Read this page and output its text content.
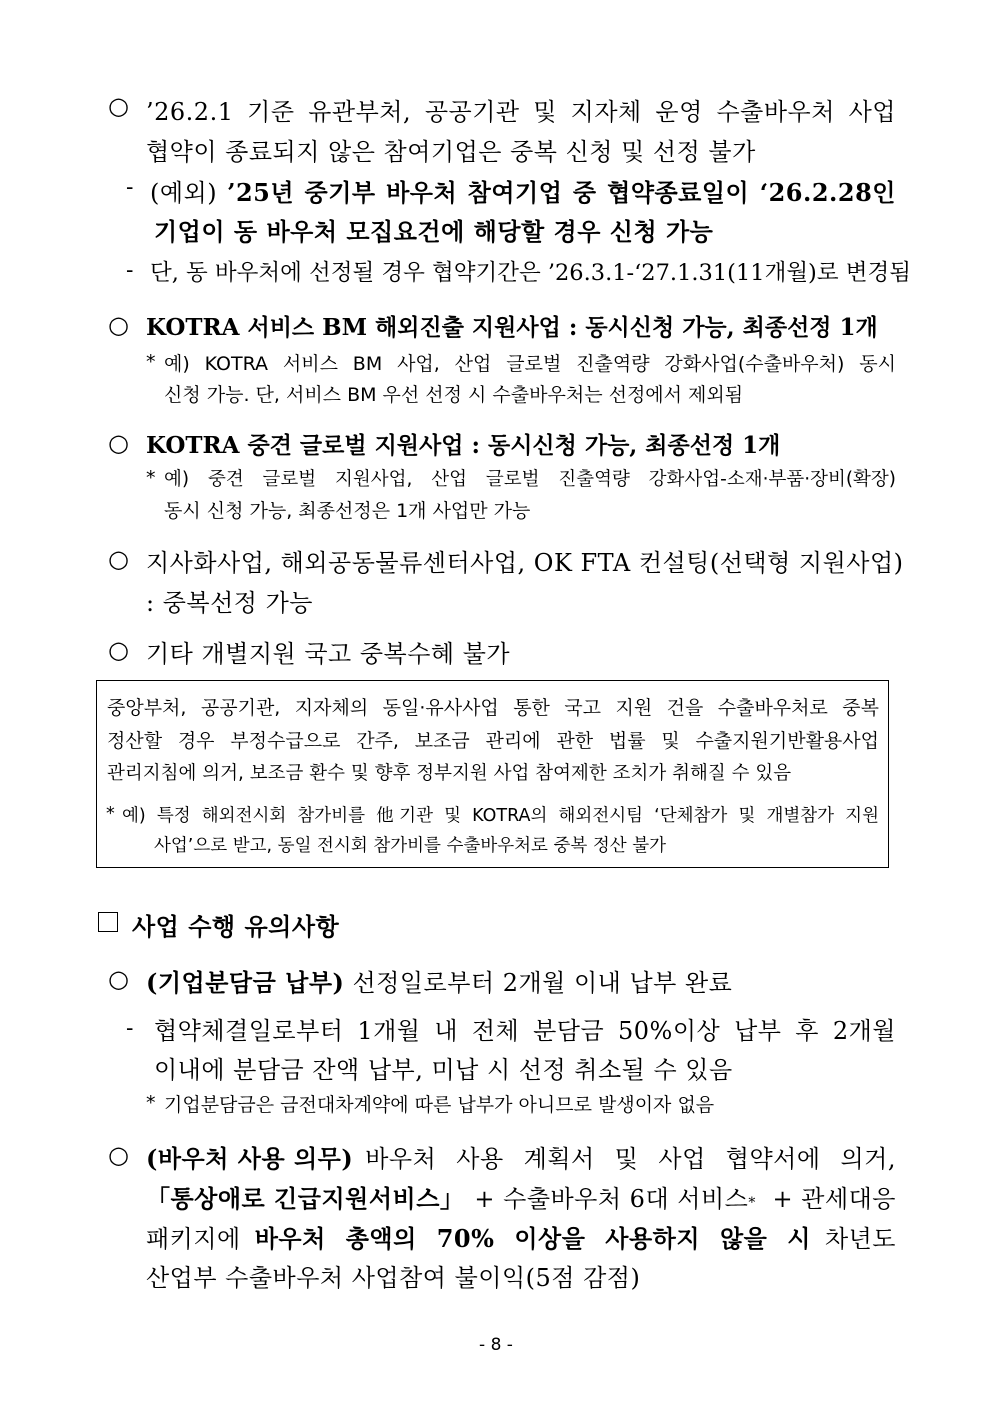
○ ’26.2.1 기준 유관부처, 공공기관 및 지자체 운영 수출바우처 사업
협약이 종료되지 않은 참여기업은 중복 신청 및 선정 불가
- (예외) ’25년 중기부 바우처 참여기업 중 협약종료일이 ‘26.2.28인
기업이 동 바우처 모집요건에 해당할 경우 신청 가능
- 단, 동 바우처에 선정될 경우 협약기간은 ’26.3.1-‘27.1.31(11개월)로 변경됨
○ KOTRA 서비스 BM 해외진출 지원사업 : 동시신청 가능, 최종선정 1개
* 예) KOTRA 서비스 BM 사업, 산업 글로벌 진출역량 강화사업(수출바우처) 동시
신청 가능. 단, 서비스 BM 우선 선정 시 수출바우처는 선정에서 제외됨
○ KOTRA 중견 글로벌 지원사업 : 동시신청 가능, 최종선정 1개
* 예) 중견 글로벌 지원사업, 산업 글로벌 진출역량 강화사업-소재·부품·장비(확장)
동시 신청 가능, 최종선정은 1개 사업만 가능
○ 지사화사업, 해외공동물류센터사업, OK FTA 컨설팅(선택형 지원사업)
: 중복선정 가능
○ 기타 개별지원 국고 중복수혜 불가
중앙부처, 공공기관, 지자체의 동일·유사사업 통한 국고 지원 건을 수출바우처로 중복
정산할 경우 부정수급으로 간주, 보조금 관리에 관한 법률 및 수출지원기반활용사업
관리지침에 의거, 보조금 환수 및 향후 정부지원 사업 참여제한 조치가 취해질 수 있음
* 예) 특정 해외전시회 참가비를 他기관 및 KOTRA의 해외전시팀 ‘단체참가 및 개별참가 지원
사업’으로 받고, 동일 전시회 참가비를 수출바우처로 중복 정산 불가
사업 수행 유의사항
○ (기업분담금 납부) 선정일로부터 2개월 이내 납부 완료
- 협약체결일로부터 1개월 내 전체 분담금 50%이상 납부 후 2개월
이내에 분담금 잔액 납부, 미납 시 선정 취소될 수 있음
* 기업분담금은 금전대차계약에 따른 납부가 아니므로 발생이자 없음
○ (바우처 사용 의무) 바우처 사용 계획서 및 사업 협약서에 의거,
「통상애로 긴급지원서비스」 + 수출바우처 6대 서비스$_*$ + 관세대응
패키지에 바우처 총액의 70% 이상을 사용하지 않을 시 차년도
산업부 수출바우처 사업참여 불이익(5점 감점)
- 8 -
